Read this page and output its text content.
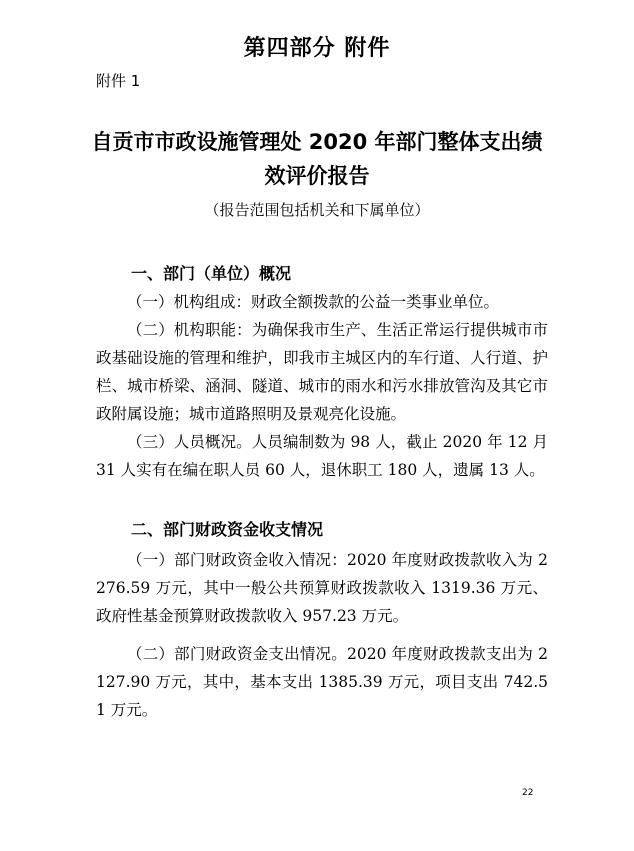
第四部分 附件
附件 1
自贡市市政设施管理处 2020 年部门整体支出绩
效评价报告
（报告范围包括机关和下属单位）
一、部门（单位）概况

（一）机构组成：财政全额拨款的公益一类事业单位。

（二）机构职能：为确保我市生产、生活正常运行提供城市市政基础设施的管理和维护，即我市主城区内的车行道、人行道、护栏、城市桥梁、涵洞、隧道、城市的雨水和污水排放管沟及其它市政附属设施；城市道路照明及景观亮化设施。

（三）人员概况。人员编制数为 98 人，截止 2020 年 12 月 31 人实有在编在职人员 60 人，退休职工 180 人，遗属 13 人。

二、部门财政资金收支情况

（一）部门财政资金收入情况：2020 年度财政拨款收入为 2276.59 万元，其中一般公共预算财政拨款收入 1319.36 万元、政府性基金预算财政拨款收入 957.23 万元。

（二）部门财政资金支出情况。2020 年度财政拨款支出为 2127.90 万元，其中，基本支出 1385.39 万元，项目支出 742.51 万元。

22
